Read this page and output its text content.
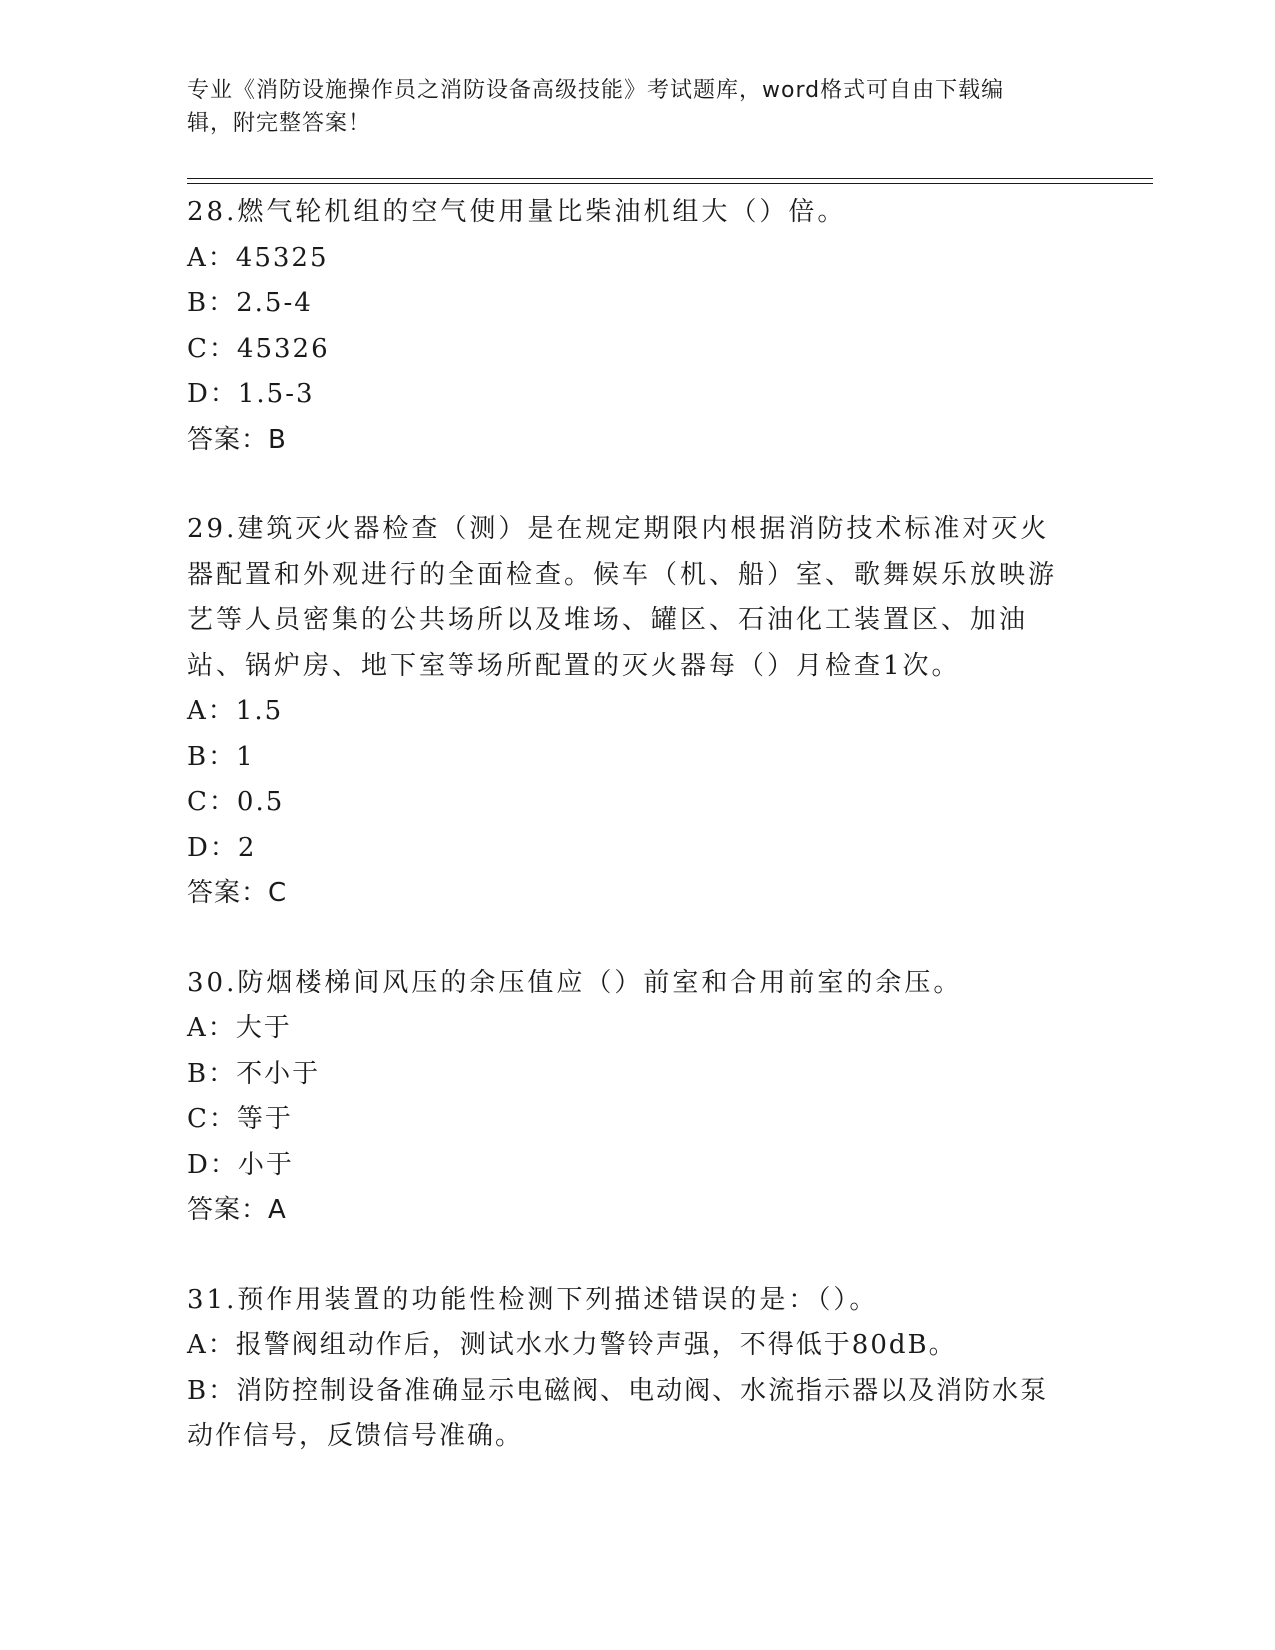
专业《消防设施操作员之消防设备高级技能》考试题库，word格式可自由下载编
辑，附完整答案！
28.燃气轮机组的空气使用量比柴油机组大（）倍。
A：45325
B：2.5-4
C：45326
D：1.5-3
答案：B
29.建筑灭火器检查（测）是在规定期限内根据消防技术标准对灭火器配置和外观进行的全面检查。候车（机、船）室、歌舞娱乐放映游艺等人员密集的公共场所以及堆场、罐区、石油化工装置区、加油站、锅炉房、地下室等场所配置的灭火器每（）月检查1次。
A：1.5
B：1
C：0.5
D：2
答案：C
30.防烟楼梯间风压的余压值应（）前室和合用前室的余压。
A：大于
B：不小于
C：等于
D：小于
答案：A
31.预作用装置的功能性检测下列描述错误的是：（）。
A：报警阀组动作后，测试水水力警铃声强，不得低于80dB。
B：消防控制设备准确显示电磁阀、电动阀、水流指示器以及消防水泵动作信号，反馈信号准确。
